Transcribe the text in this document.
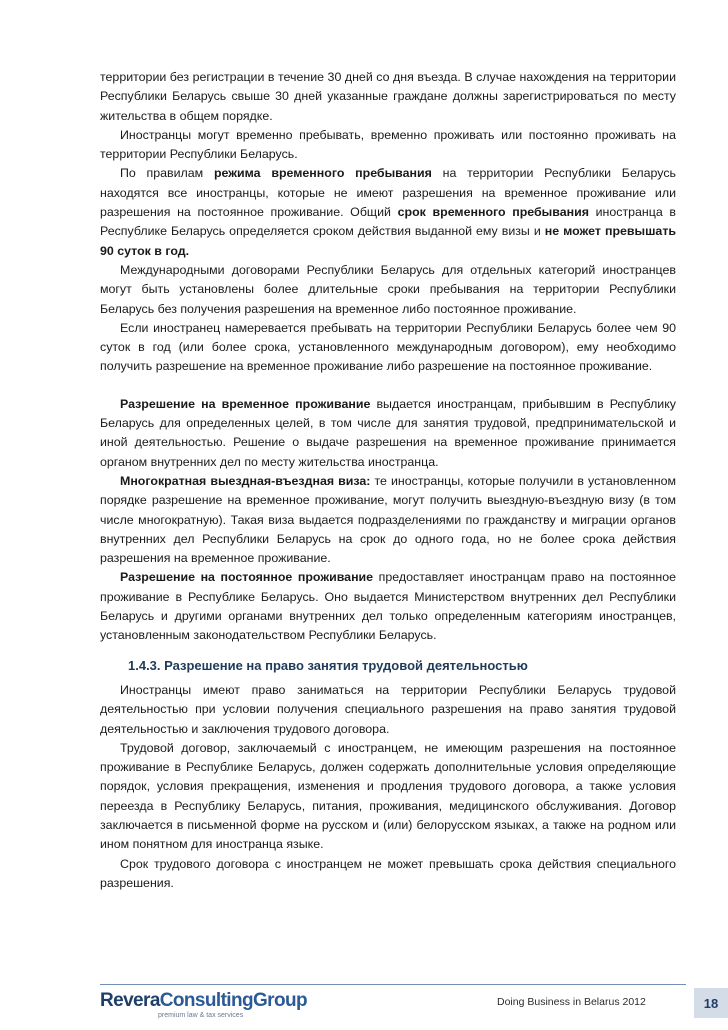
территории без регистрации в течение 30 дней со дня въезда. В случае нахождения на территории Республики Беларусь свыше 30 дней указанные граждане должны зарегистрироваться по месту жительства в общем порядке.

Иностранцы могут временно пребывать, временно проживать или постоянно проживать на территории Республики Беларусь.

По правилам режима временного пребывания на территории Республики Беларусь находятся все иностранцы, которые не имеют разрешения на временное проживание или разрешения на постоянное проживание. Общий срок временного пребывания иностранца в Республике Беларусь определяется сроком действия выданной ему визы и не может превышать 90 суток в год.

Международными договорами Республики Беларусь для отдельных категорий иностранцев могут быть установлены более длительные сроки пребывания на территории Республики Беларусь без получения разрешения на временное либо постоянное проживание.

Если иностранец намеревается пребывать на территории Республики Беларусь более чем 90 суток в год (или более срока, установленного международным договором), ему необходимо получить разрешение на временное проживание либо разрешение на постоянное проживание.

Разрешение на временное проживание выдается иностранцам, прибывшим в Республику Беларусь для определенных целей, в том числе для занятия трудовой, предпринимательской и иной деятельностью. Решение о выдаче разрешения на временное проживание принимается органом внутренних дел по месту жительства иностранца.

Многократная выездная-въездная виза: те иностранцы, которые получили в установленном порядке разрешение на временное проживание, могут получить выездную-въездную визу (в том числе многократную). Такая виза выдается подразделениями по гражданству и миграции органов внутренних дел Республики Беларусь на срок до одного года, но не более срока действия разрешения на временное проживание.

Разрешение на постоянное проживание предоставляет иностранцам право на постоянное проживание в Республике Беларусь. Оно выдается Министерством внутренних дел Республики Беларусь и другими органами внутренних дел только определенным категориям иностранцев, установленным законодательством Республики Беларусь.

1.4.3. Разрешение на право занятия трудовой деятельностью

Иностранцы имеют право заниматься на территории Республики Беларусь трудовой деятельностью при условии получения специального разрешения на право занятия трудовой деятельностью и заключения трудового договора.

Трудовой договор, заключаемый с иностранцем, не имеющим разрешения на постоянное проживание в Республике Беларусь, должен содержать дополнительные условия определяющие порядок, условия прекращения, изменения и продления трудового договора, а также условия переезда в Республику Беларусь, питания, проживания, медицинского обслуживания. Договор заключается в письменной форме на русском и (или) белорусском языках, а также на родном или ином понятном для иностранца языке.

Срок трудового договора с иностранцем не может превышать срока действия специального разрешения.

ReveraConsultingGroup
premium law & tax services
Doing Business in Belarus 2012	18
